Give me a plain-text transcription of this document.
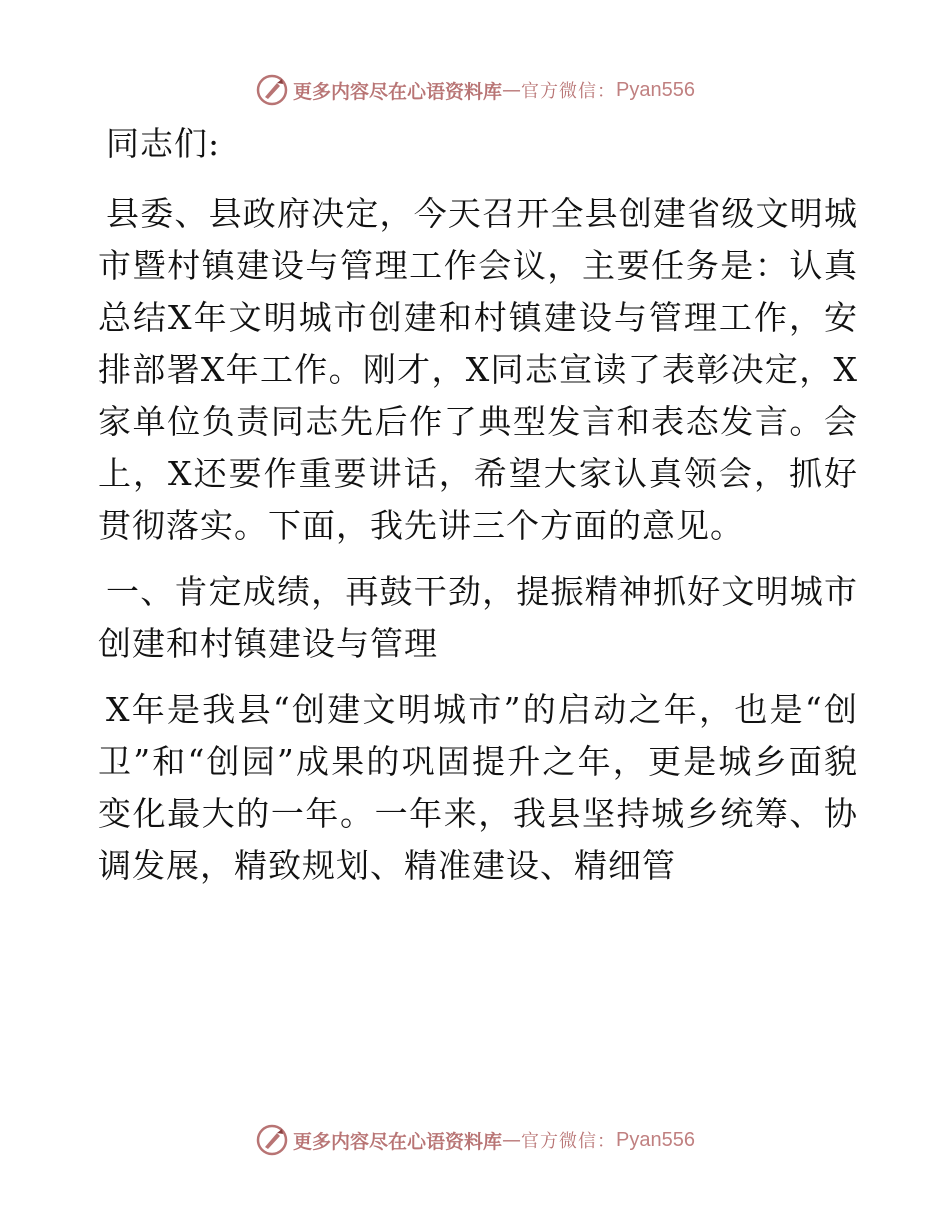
更多内容尽在心语资料库 — 官方微信： Pyan556

同志们:

县委、县政府决定，今天召开全县创建省级文明城市暨村镇建设与管理工作会议，主要任务是：认真总结X年文明城市创建和村镇建设与管理工作，安排部署X年工作。刚才，X同志宣读了表彰决定，X家单位负责同志先后作了典型发言和表态发言。会上，X还要作重要讲话，希望大家认真领会，抓好贯彻落实。下面，我先讲三个方面的意见。

一、肯定成绩，再鼓干劲，提振精神抓好文明城市创建和村镇建设与管理

X年是我县“创建文明城市”的启动之年，也是“创卫”和“创园”成果的巩固提升之年，更是城乡面貌变化最大的一年。一年来，我县坚持城乡统筹、协调发展，精致规划、精准建设、精细管

更多内容尽在心语资料库 — 官方微信： Pyan556
